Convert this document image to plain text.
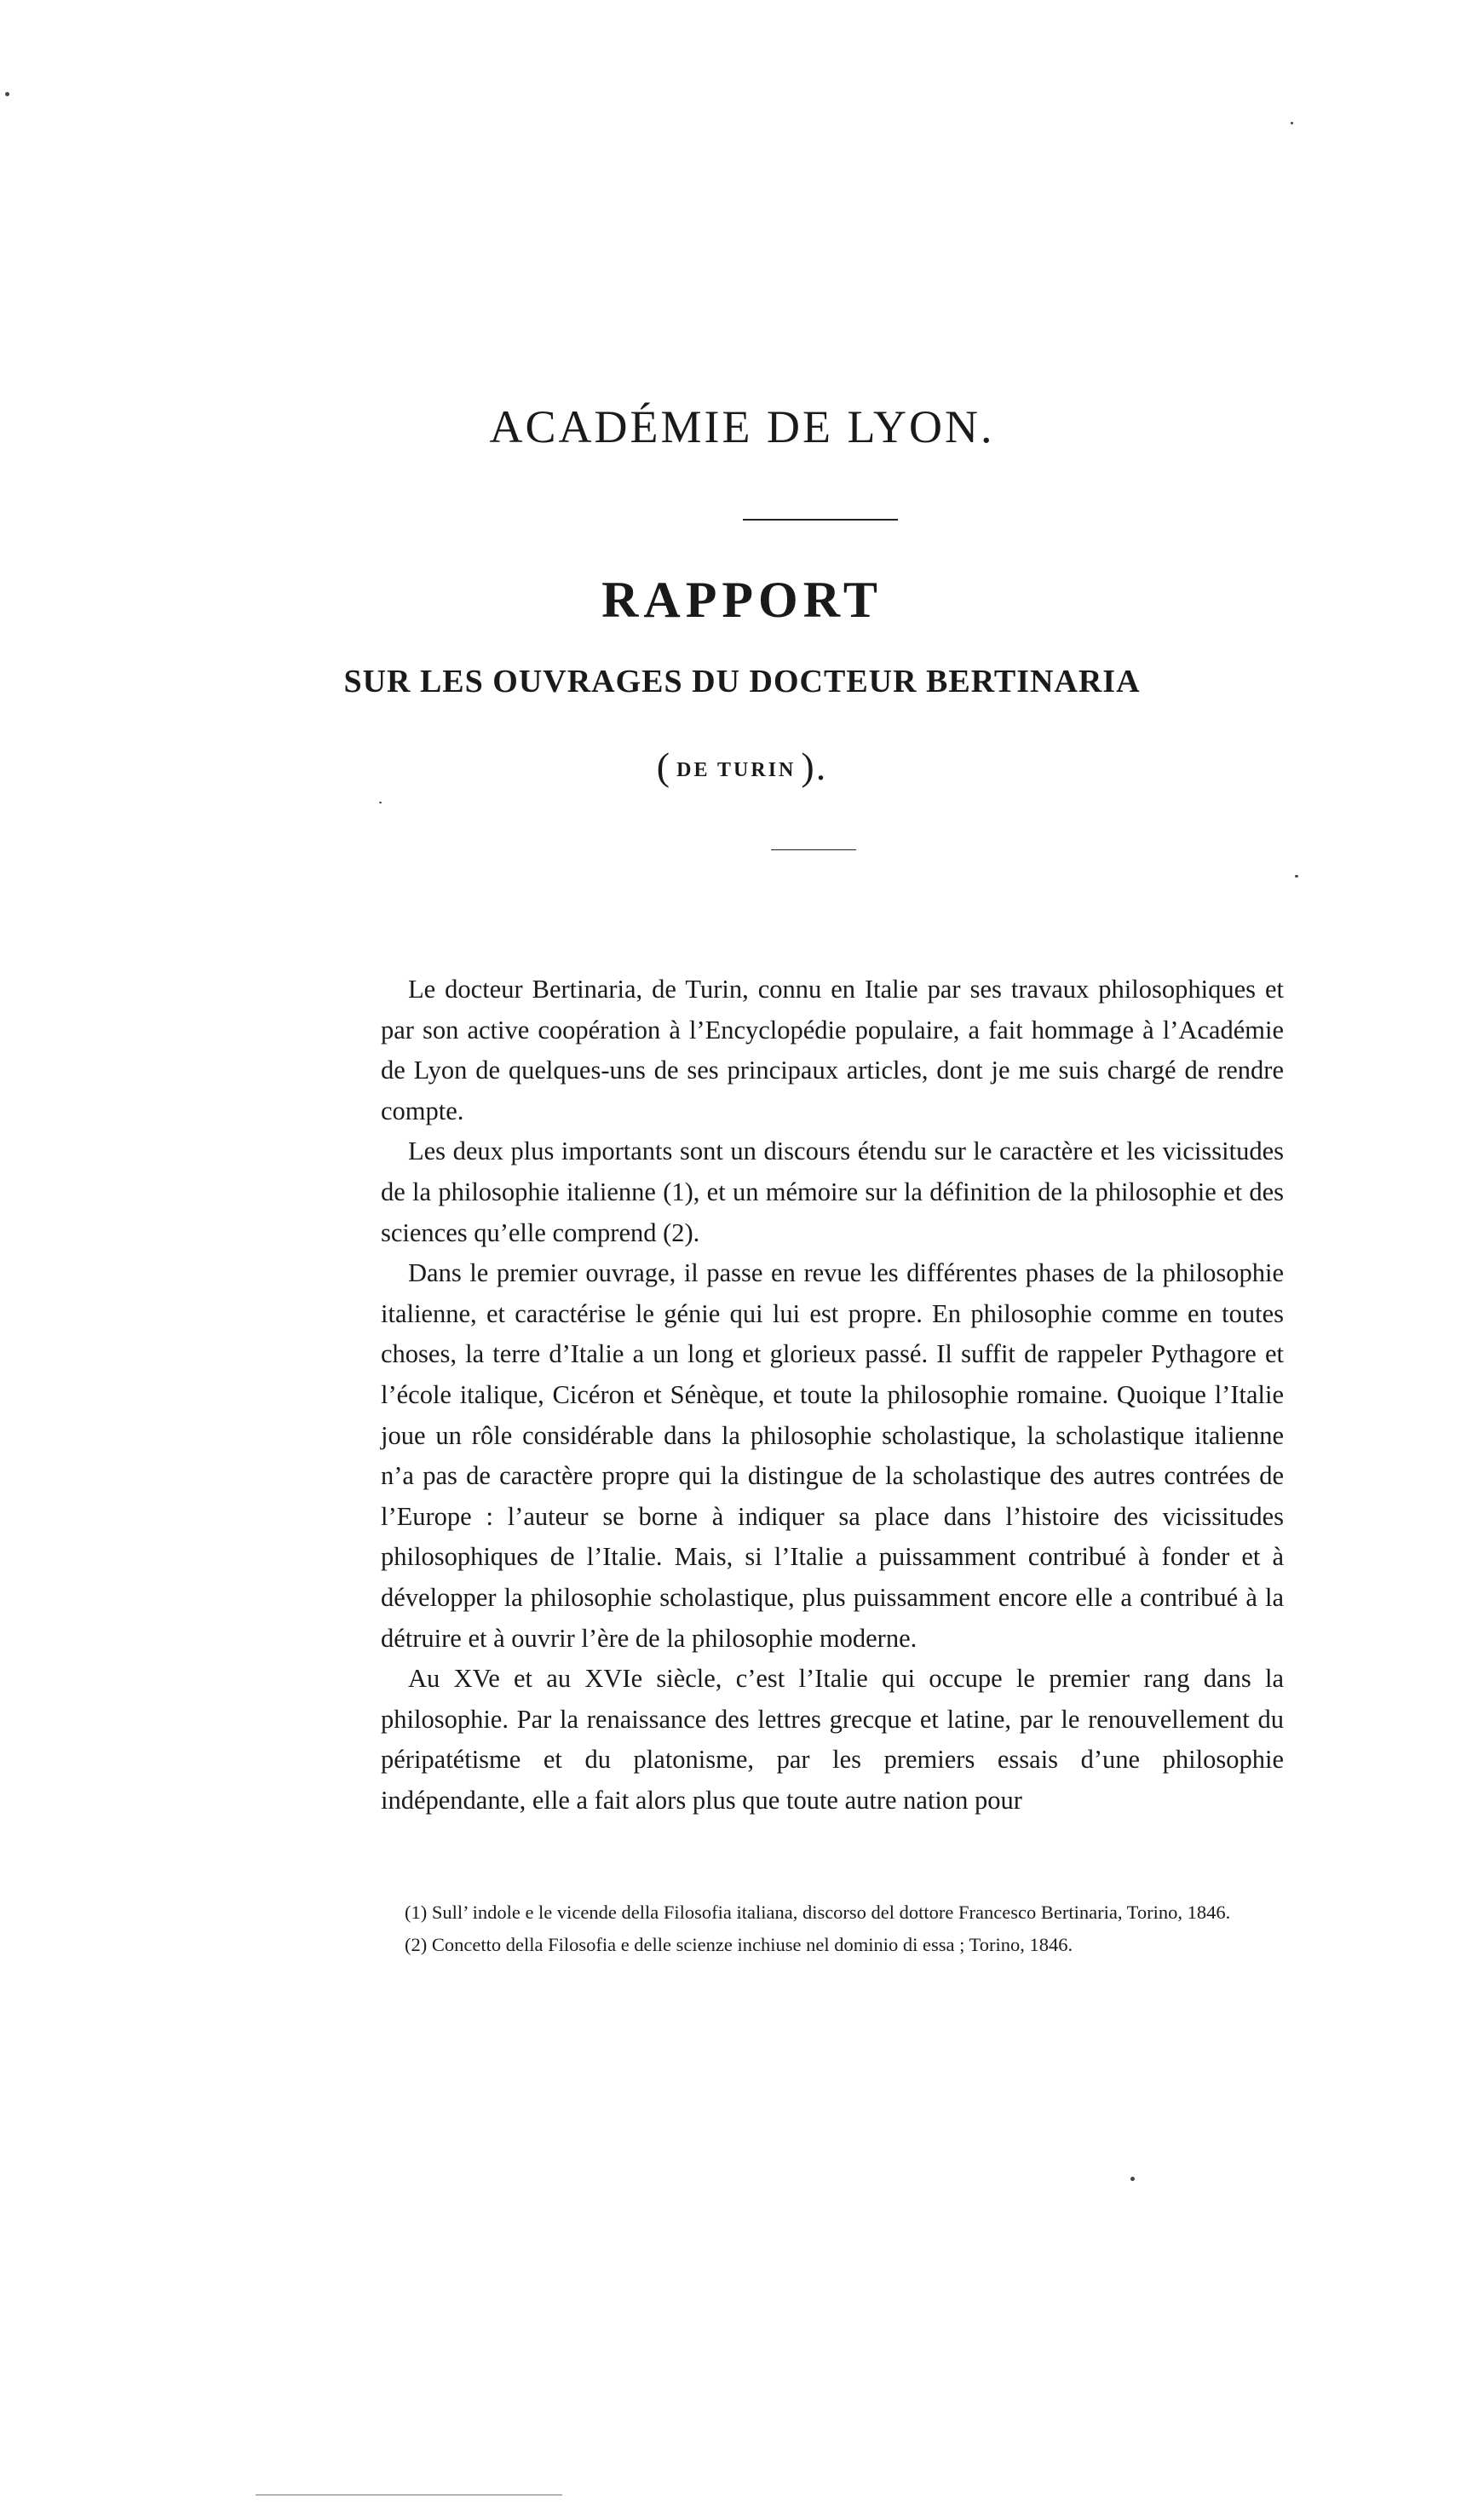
ACADÉMIE DE LYON.
RAPPORT
SUR LES OUVRAGES DU DOCTEUR BERTINARIA
( DE TURIN ).

Le docteur Bertinaria, de Turin, connu en Italie par ses travaux philosophiques et par son active coopération à l’Encyclopédie populaire, a fait hommage à l’Académie de Lyon de quelques-uns de ses principaux articles, dont je me suis chargé de rendre compte.

Les deux plus importants sont un discours étendu sur le caractère et les vicissitudes de la philosophie italienne (1), et un mémoire sur la définition de la philosophie et des sciences qu’elle comprend (2).

Dans le premier ouvrage, il passe en revue les différentes phases de la philosophie italienne, et caractérise le génie qui lui est propre. En philosophie comme en toutes choses, la terre d’Italie a un long et glorieux passé. Il suffit de rappeler Pythagore et l’école italique, Cicéron et Sénèque, et toute la philosophie romaine. Quoique l’Italie joue un rôle considérable dans la philosophie scholastique, la scholastique italienne n’a pas de caractère propre qui la distingue de la scholastique des autres contrées de l’Europe : l’auteur se borne à indiquer sa place dans l’histoire des vicissitudes philosophiques de l’Italie. Mais, si l’Italie a puissamment contribué à fonder et à développer la philosophie scholastique, plus puissamment encore elle a contribué à la détruire et à ouvrir l’ère de la philosophie moderne.

Au XVe et au XVIe siècle, c’est l’Italie qui occupe le premier rang dans la philosophie. Par la renaissance des lettres grecque et latine, par le renouvellement du péripatétisme et du platonisme, par les premiers essais d’une philosophie indépendante, elle a fait alors plus que toute autre nation pour

(1) Sull’ indole e le vicende della Filosofia italiana, discorso del dottore Francesco Bertinaria, Torino, 1846.

(2) Concetto della Filosofia e delle scienze inchiuse nel dominio di essa ; Torino, 1846.
